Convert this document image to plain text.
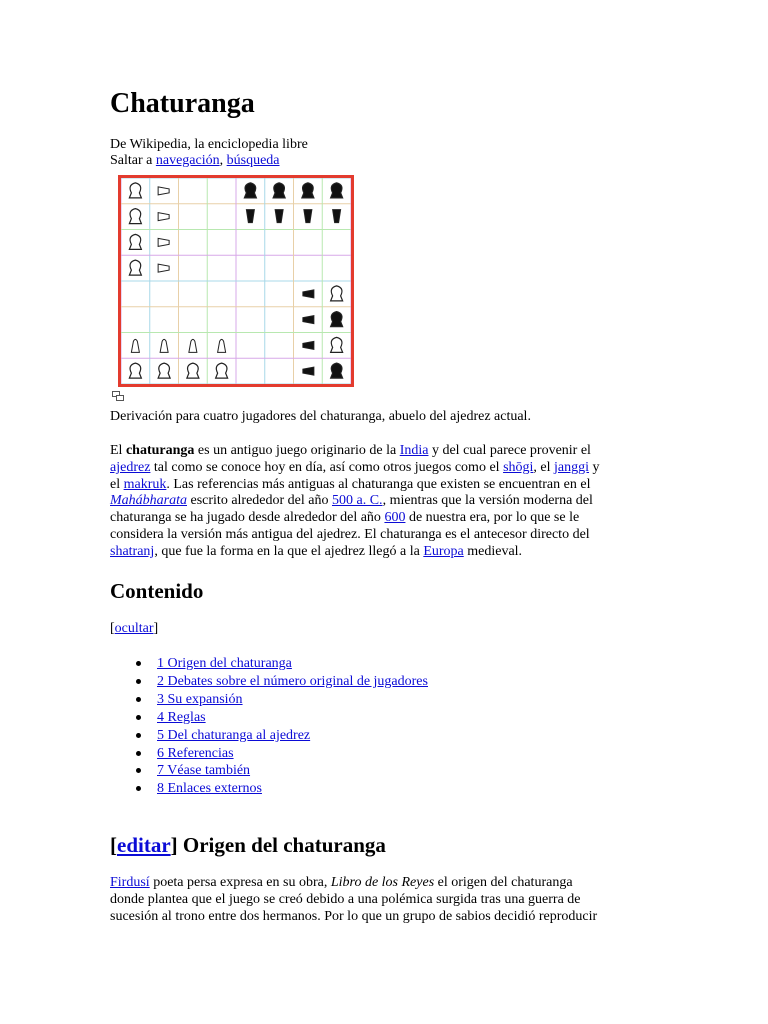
Chaturanga
De Wikipedia, la enciclopedia libre
Saltar a navegación, búsqueda
Derivación para cuatro jugadores del chaturanga, abuelo del ajedrez actual.
El chaturanga es un antiguo juego originario de la India y del cual parece provenir el
ajedrez tal como se conoce hoy en día, así como otros juegos como el shōgi, el janggi y
el makruk. Las referencias más antiguas al chaturanga que existen se encuentran en el
Mahábharata escrito alrededor del año 500 a. C., mientras que la versión moderna del
chaturanga se ha jugado desde alrededor del año 600 de nuestra era, por lo que se le
considera la versión más antigua del ajedrez. El chaturanga es el antecesor directo del
shatranj, que fue la forma en la que el ajedrez llegó a la Europa medieval.
Contenido
[ocultar]
1 Origen del chaturanga
2 Debates sobre el número original de jugadores
3 Su expansión
4 Reglas
5 Del chaturanga al ajedrez
6 Referencias
7 Véase también
8 Enlaces externos
[editar] Origen del chaturanga
Firdusí poeta persa expresa en su obra, Libro de los Reyes el origen del chaturanga
donde plantea que el juego se creó debido a una polémica surgida tras una guerra de
sucesión al trono entre dos hermanos. Por lo que un grupo de sabios decidió reproducir
